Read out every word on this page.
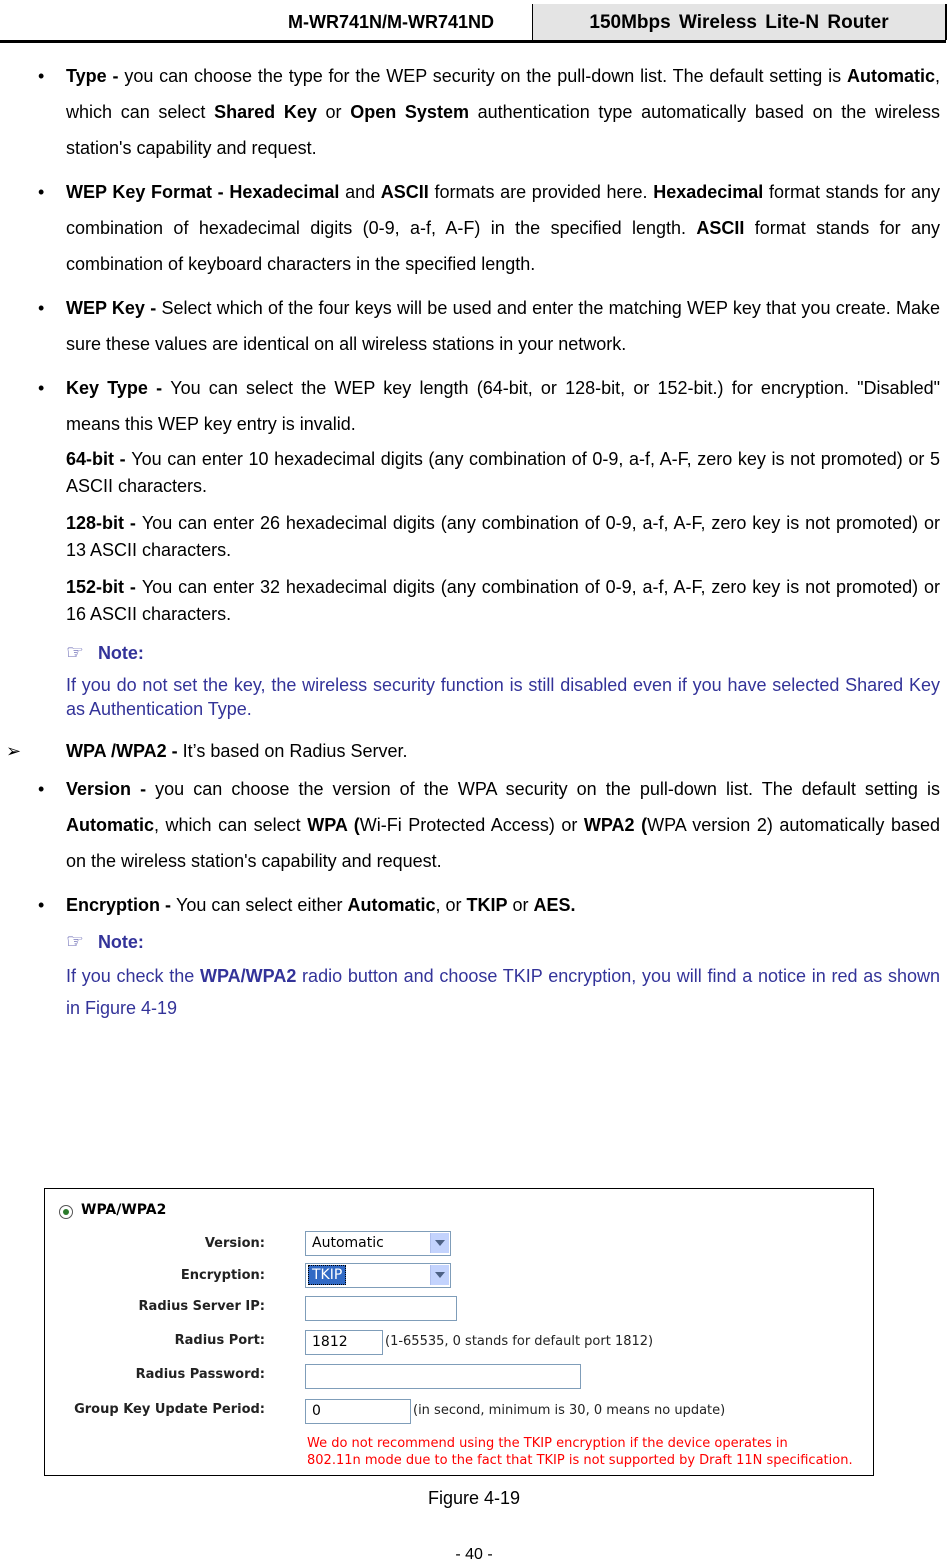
M-WR741N/M-WR741ND	150Mbps Wireless Lite-N Router
• Type - you can choose the type for the WEP security on the pull-down list. The default setting is Automatic, which can select Shared Key or Open System authentication type automatically based on the wireless station's capability and request.
• WEP Key Format - Hexadecimal and ASCII formats are provided here. Hexadecimal format stands for any combination of hexadecimal digits (0-9, a-f, A-F) in the specified length. ASCII format stands for any combination of keyboard characters in the specified length.
• WEP Key - Select which of the four keys will be used and enter the matching WEP key that you create. Make sure these values are identical on all wireless stations in your network.
• Key Type - You can select the WEP key length (64-bit, or 128-bit, or 152-bit.) for encryption. "Disabled" means this WEP key entry is invalid.
64-bit - You can enter 10 hexadecimal digits (any combination of 0-9, a-f, A-F, zero key is not promoted) or 5 ASCII characters.
128-bit - You can enter 26 hexadecimal digits (any combination of 0-9, a-f, A-F, zero key is not promoted) or 13 ASCII characters.
152-bit - You can enter 32 hexadecimal digits (any combination of 0-9, a-f, A-F, zero key is not promoted) or 16 ASCII characters.
☞ Note:
If you do not set the key, the wireless security function is still disabled even if you have selected Shared Key as Authentication Type.
➢ WPA /WPA2 - It’s based on Radius Server.
• Version - you can choose the version of the WPA security on the pull-down list. The default setting is Automatic, which can select WPA (Wi-Fi Protected Access) or WPA2 (WPA version 2) automatically based on the wireless station's capability and request.
• Encryption - You can select either Automatic, or TKIP or AES.
☞ Note:
If you check the WPA/WPA2 radio button and choose TKIP encryption, you will find a notice in red as shown in Figure 4-19
WPA/WPA2
Version:	Automatic
Encryption:	TKIP
Radius Server IP:
Radius Port:	1812	(1-65535, 0 stands for default port 1812)
Radius Password:
Group Key Update Period:	0	(in second, minimum is 30, 0 means no update)
We do not recommend using the TKIP encryption if the device operates in
802.11n mode due to the fact that TKIP is not supported by Draft 11N specification.
Figure 4-19
- 40 -
